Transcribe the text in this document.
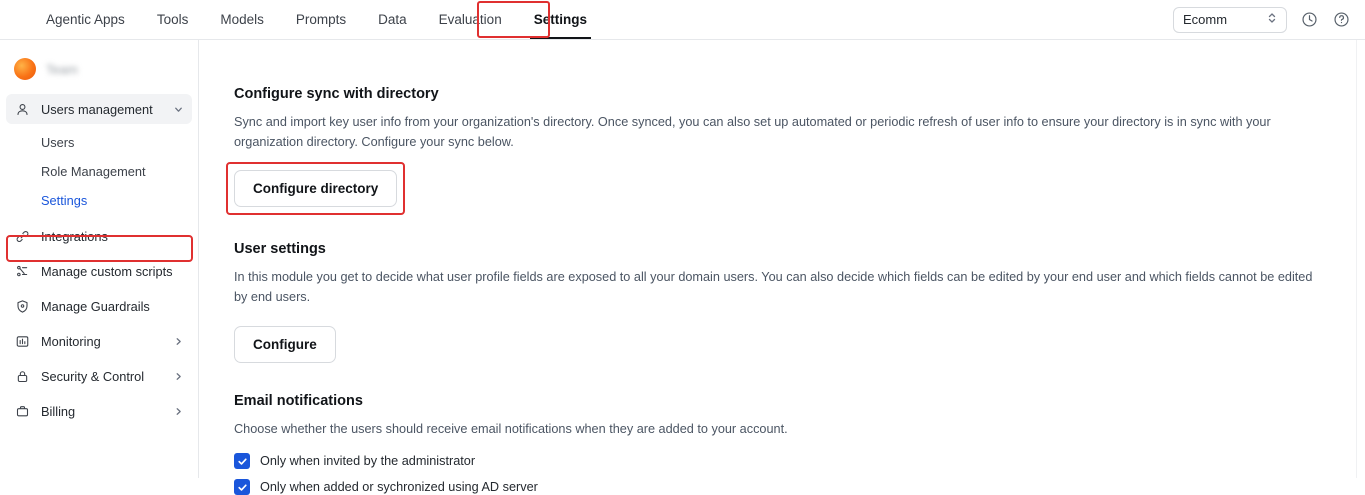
Agentic Apps	Tools	Models	Prompts	Data	Evaluation	Settings	Ecomm
Team
Users management
Users
Role Management
Settings
Integrations
Manage custom scripts
Manage Guardrails
Monitoring
Security & Control
Billing
Configure sync with directory

Sync and import key user info from your organization's directory. Once synced, you can also set up automated or periodic refresh of user info to ensure your directory is in sync with your organization directory. Configure your sync below.

Configure directory
User settings

In this module you get to decide what user profile fields are exposed to all your domain users. You can also decide which fields can be edited by your end user and which fields cannot be edited by end users.

Configure
Email notifications

Choose whether the users should receive email notifications when they are added to your account.

Only when invited by the administrator
Only when added or sychronized using AD server
